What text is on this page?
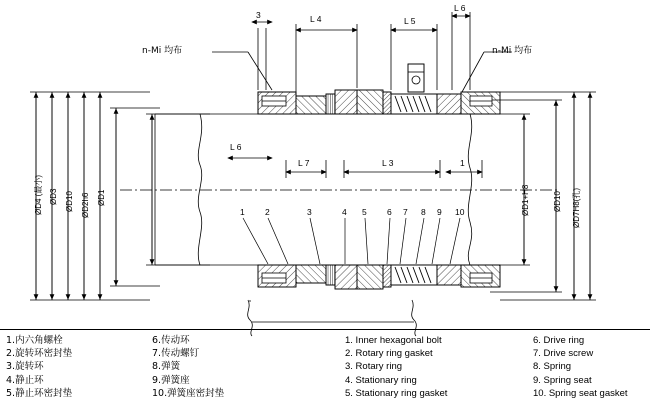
n-Mⅰ 均布	n-Mⅰ 均布
3	L 4	L 5
L 6
L 6
L 7	L 3	1
ØD4 (最小) ØD3 ØD10 ØD2h6 ØD1	ØD1+H8	ØD10 ØD7H8(孔)
1 2	3	4 5 6 7 8 9 10
1.内六角螺栓
2.旋转环密封垫
3.旋转环
4.静止环
5.静止环密封垫
6.传动环
7.传动螺钉
8.弹簧
9.弹簧座
10.弹簧座密封垫
1. Inner hexagonal bolt
2. Rotary ring gasket
3. Rotary ring
4. Stationary ring
5. Stationary ring gasket
6. Drive ring
7. Drive screw
8. Spring
9. Spring seat
10. Spring seat gasket
